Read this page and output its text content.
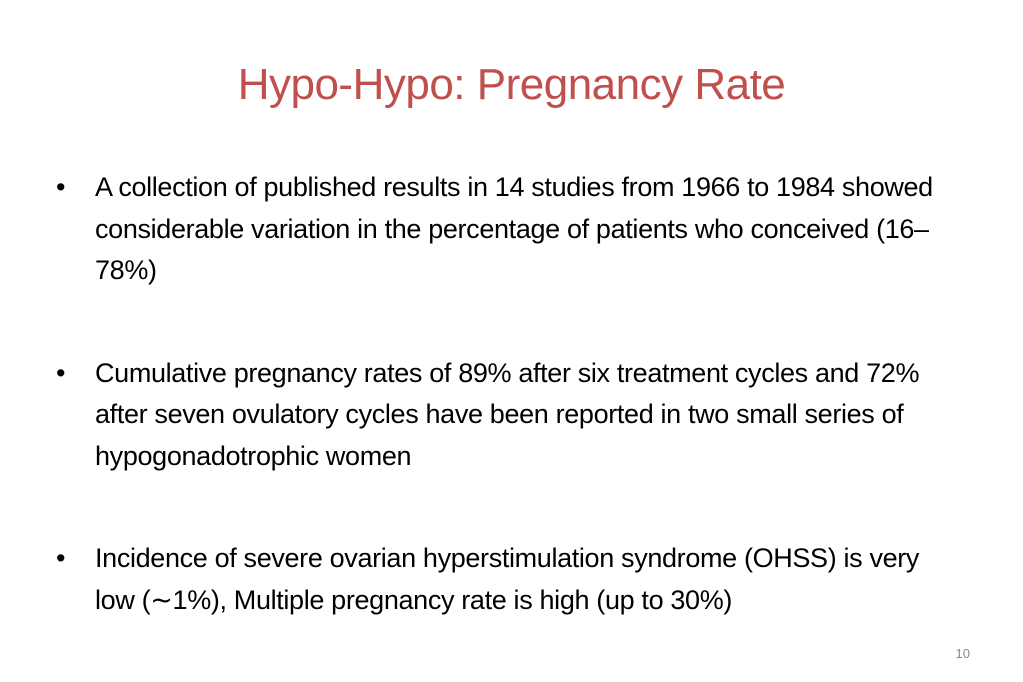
Hypo-Hypo: Pregnancy Rate
• A collection of published results in 14 studies from 1966 to 1984 showed considerable variation in the percentage of patients who conceived (16–78%)
• Cumulative pregnancy rates of 89% after six treatment cycles and 72% after seven ovulatory cycles have been reported in two small series of hypogonadotrophic women
• Incidence of severe ovarian hyperstimulation syndrome (OHSS) is very low (∼1%), Multiple pregnancy rate is high (up to 30%)
10
